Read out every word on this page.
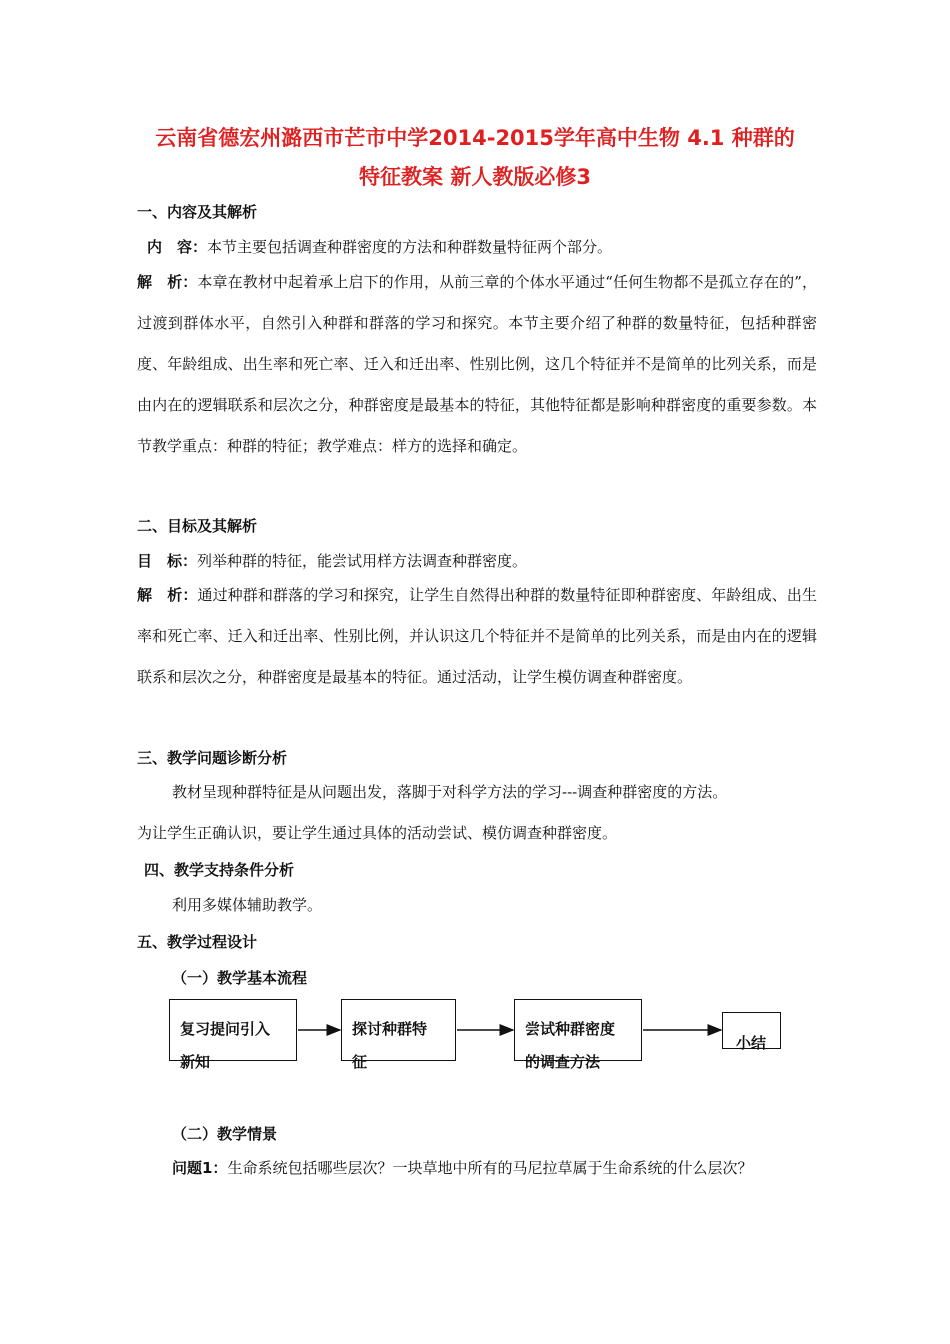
云南省德宏州潞西市芒市中学2014-2015学年高中生物 4.1 种群的
特征教案 新人教版必修3
一、内容及其解析
内　容：本节主要包括调查种群密度的方法和种群数量特征两个部分。
解　析：本章在教材中起着承上启下的作用，从前三章的个体水平通过“任何生物都不是孤立存在的”，过渡到群体水平，自然引入种群和群落的学习和探究。本节主要介绍了种群的数量特征，包括种群密度、年龄组成、出生率和死亡率、迁入和迁出率、性别比例，这几个特征并不是简单的比列关系，而是由内在的逻辑联系和层次之分，种群密度是最基本的特征，其他特征都是影响种群密度的重要参数。本节教学重点：种群的特征；教学难点：样方的选择和确定。
二、目标及其解析
目　标：列举种群的特征，能尝试用样方法调查种群密度。
解　析：通过种群和群落的学习和探究，让学生自然得出种群的数量特征即种群密度、年龄组成、出生率和死亡率、迁入和迁出率、性别比例，并认识这几个特征并不是简单的比列关系，而是由内在的逻辑联系和层次之分，种群密度是最基本的特征。通过活动，让学生模仿调查种群密度。
三、教学问题诊断分析
教材呈现种群特征是从问题出发，落脚于对科学方法的学习---调查种群密度的方法。
为让学生正确认识，要让学生通过具体的活动尝试、模仿调查种群密度。
四、教学支持条件分析
利用多媒体辅助教学。
五、教学过程设计
（一）教学基本流程
复习提问引入
新知
探讨种群特
征
尝试种群密度
的调查方法
小结
（二）教学情景
问题1：生命系统包括哪些层次？一块草地中所有的马尼拉草属于生命系统的什么层次？
